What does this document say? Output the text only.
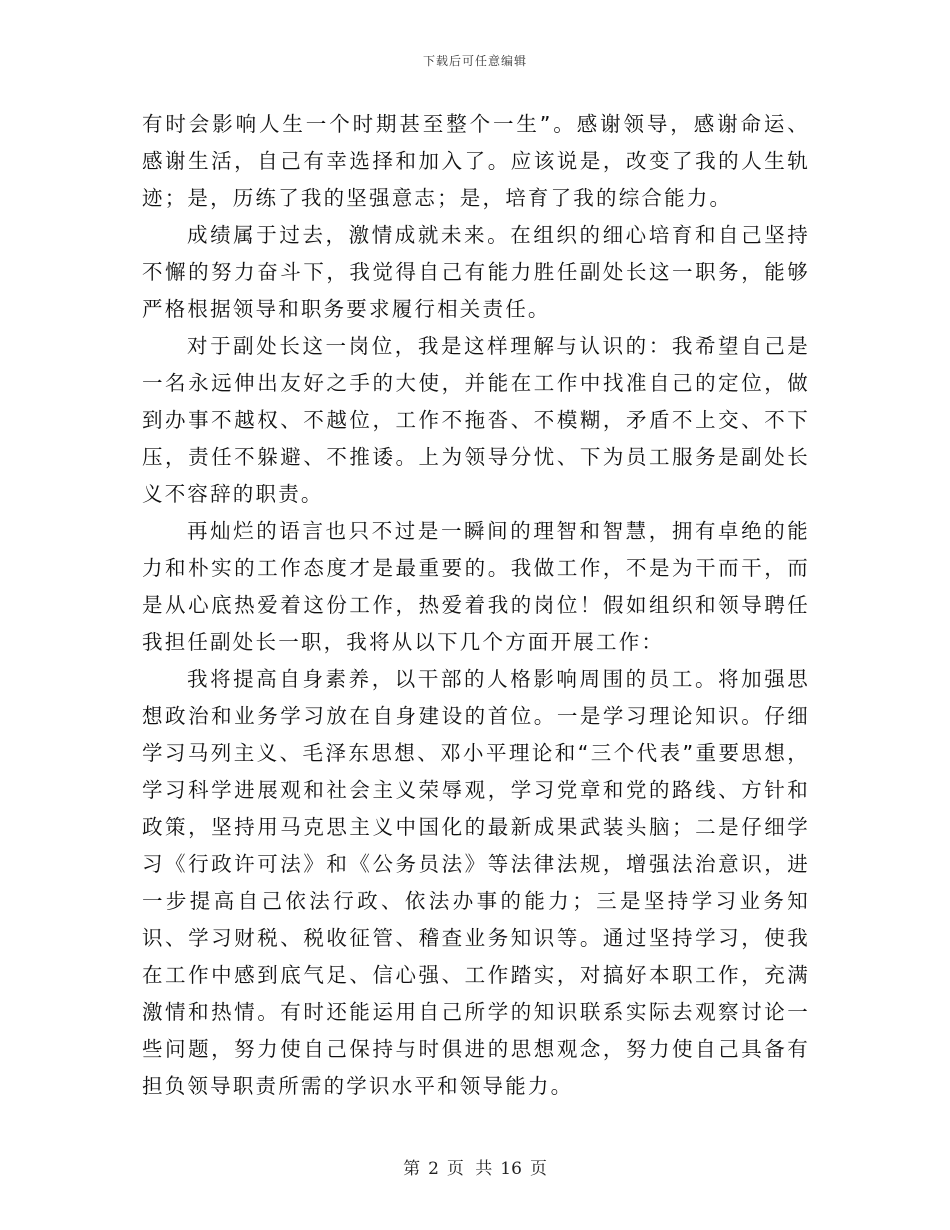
下载后可任意编辑

有时会影响人生一个时期甚至整个一生”。感谢领导，感谢命运、感谢生活，自己有幸选择和加入了。应该说是，改变了我的人生轨迹；是，历练了我的坚强意志；是，培育了我的综合能力。

成绩属于过去，激情成就未来。在组织的细心培育和自己坚持不懈的努力奋斗下，我觉得自己有能力胜任副处长这一职务，能够严格根据领导和职务要求履行相关责任。

对于副处长这一岗位，我是这样理解与认识的：我希望自己是一名永远伸出友好之手的大使，并能在工作中找准自己的定位，做到办事不越权、不越位，工作不拖沓、不模糊，矛盾不上交、不下压，责任不躲避、不推诿。上为领导分忧、下为员工服务是副处长义不容辞的职责。

再灿烂的语言也只不过是一瞬间的理智和智慧，拥有卓绝的能力和朴实的工作态度才是最重要的。我做工作，不是为干而干，而是从心底热爱着这份工作，热爱着我的岗位！假如组织和领导聘任我担任副处长一职，我将从以下几个方面开展工作：

我将提高自身素养，以干部的人格影响周围的员工。将加强思想政治和业务学习放在自身建设的首位。一是学习理论知识。仔细学习马列主义、毛泽东思想、邓小平理论和“三个代表”重要思想，学习科学进展观和社会主义荣辱观，学习党章和党的路线、方针和政策，坚持用马克思主义中国化的最新成果武装头脑；二是仔细学习《行政许可法》和《公务员法》等法律法规，增强法治意识，进一步提高自己依法行政、依法办事的能力；三是坚持学习业务知识、学习财税、税收征管、稽查业务知识等。通过坚持学习，使我在工作中感到底气足、信心强、工作踏实，对搞好本职工作，充满激情和热情。有时还能运用自己所学的知识联系实际去观察讨论一些问题，努力使自己保持与时俱进的思想观念，努力使自己具备有担负领导职责所需的学识水平和领导能力。

第 2 页 共 16 页
